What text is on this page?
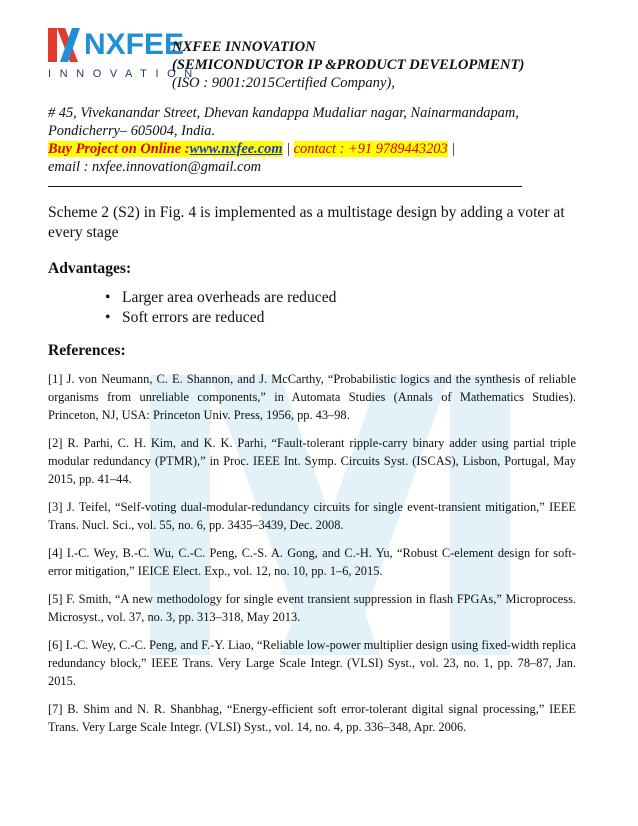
NXFEE
INNOVATION
NXFEE INNOVATION
(SEMICONDUCTOR IP &PRODUCT DEVELOPMENT)
(ISO : 9001:2015Certified Company),
# 45, Vivekanandar Street, Dhevan kandappa Mudaliar nagar, Nainarmandapam,
Pondicherry– 605004, India.
Buy Project on Online :www.nxfee.com | contact : +91 9789443203 |
email : nxfee.innovation@gmail.com

Scheme 2 (S2) in Fig. 4 is implemented as a multistage design by adding a voter at every stage

Advantages:

• Larger area overheads are reduced
• Soft errors are reduced

References:

[1] J. von Neumann, C. E. Shannon, and J. McCarthy, “Probabilistic logics and the synthesis of reliable organisms from unreliable components,” in Automata Studies (Annals of Mathematics Studies). Princeton, NJ, USA: Princeton Univ. Press, 1956, pp. 43–98.

[2] R. Parhi, C. H. Kim, and K. K. Parhi, “Fault-tolerant ripple-carry binary adder using partial triple modular redundancy (PTMR),” in Proc. IEEE Int. Symp. Circuits Syst. (ISCAS), Lisbon, Portugal, May 2015, pp. 41–44.

[3] J. Teifel, “Self-voting dual-modular-redundancy circuits for single event-transient mitigation,” IEEE Trans. Nucl. Sci., vol. 55, no. 6, pp. 3435–3439, Dec. 2008.

[4] I.-C. Wey, B.-C. Wu, C.-C. Peng, C.-S. A. Gong, and C.-H. Yu, “Robust C-element design for soft-error mitigation,” IEICE Elect. Exp., vol. 12, no. 10, pp. 1–6, 2015.

[5] F. Smith, “A new methodology for single event transient suppression in flash FPGAs,” Microprocess. Microsyst., vol. 37, no. 3, pp. 313–318, May 2013.

[6] I.-C. Wey, C.-C. Peng, and F.-Y. Liao, “Reliable low-power multiplier design using fixed-width replica redundancy block,” IEEE Trans. Very Large Scale Integr. (VLSI) Syst., vol. 23, no. 1, pp. 78–87, Jan. 2015.

[7] B. Shim and N. R. Shanbhag, “Energy-efficient soft error-tolerant digital signal processing,” IEEE Trans. Very Large Scale Integr. (VLSI) Syst., vol. 14, no. 4, pp. 336–348, Apr. 2006.
